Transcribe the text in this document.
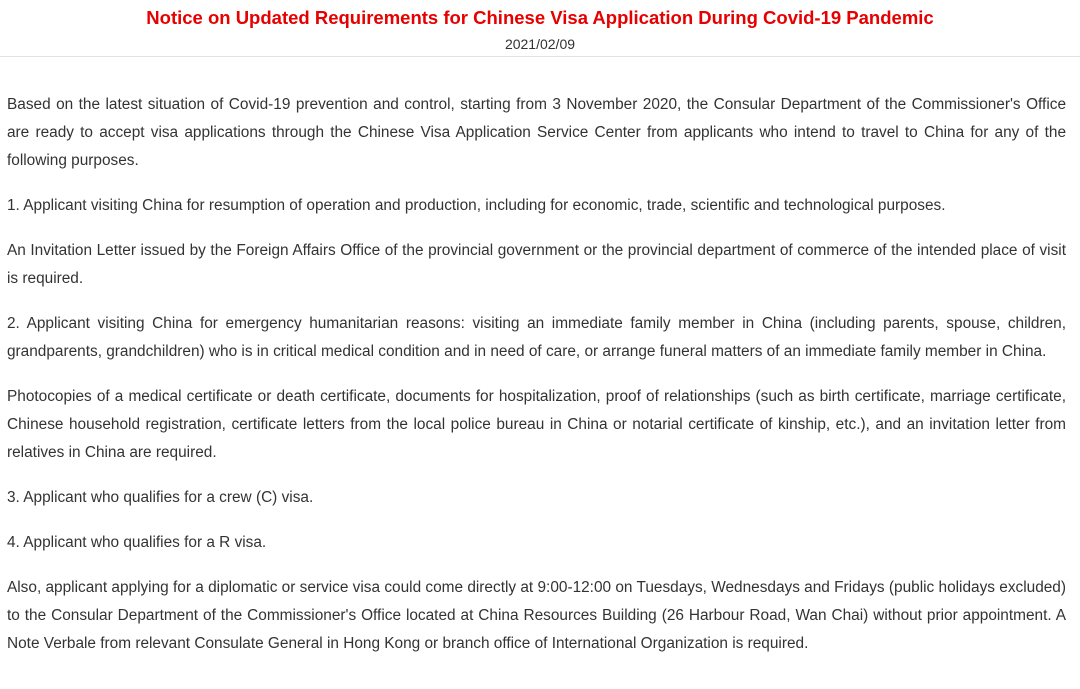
Notice on Updated Requirements for Chinese Visa Application During Covid-19 Pandemic
2021/02/09

Based on the latest situation of Covid-19 prevention and control, starting from 3 November 2020, the Consular Department of the Commissioner's Office are ready to accept visa applications through the Chinese Visa Application Service Center from applicants who intend to travel to China for any of the following purposes.

1. Applicant visiting China for resumption of operation and production, including for economic, trade, scientific and technological purposes.

An Invitation Letter issued by the Foreign Affairs Office of the provincial government or the provincial department of commerce of the intended place of visit is required.

2. Applicant visiting China for emergency humanitarian reasons: visiting an immediate family member in China (including parents, spouse, children, grandparents, grandchildren) who is in critical medical condition and in need of care, or arrange funeral matters of an immediate family member in China.

Photocopies of a medical certificate or death certificate, documents for hospitalization, proof of relationships (such as birth certificate, marriage certificate, Chinese household registration, certificate letters from the local police bureau in China or notarial certificate of kinship, etc.), and an invitation letter from relatives in China are required.

3. Applicant who qualifies for a crew (C) visa.

4. Applicant who qualifies for a R visa.

Also, applicant applying for a diplomatic or service visa could come directly at 9:00-12:00 on Tuesdays, Wednesdays and Fridays (public holidays excluded) to the Consular Department of the Commissioner's Office located at China Resources Building (26 Harbour Road, Wan Chai) without prior appointment. A Note Verbale from relevant Consulate General in Hong Kong or branch office of International Organization is required.
